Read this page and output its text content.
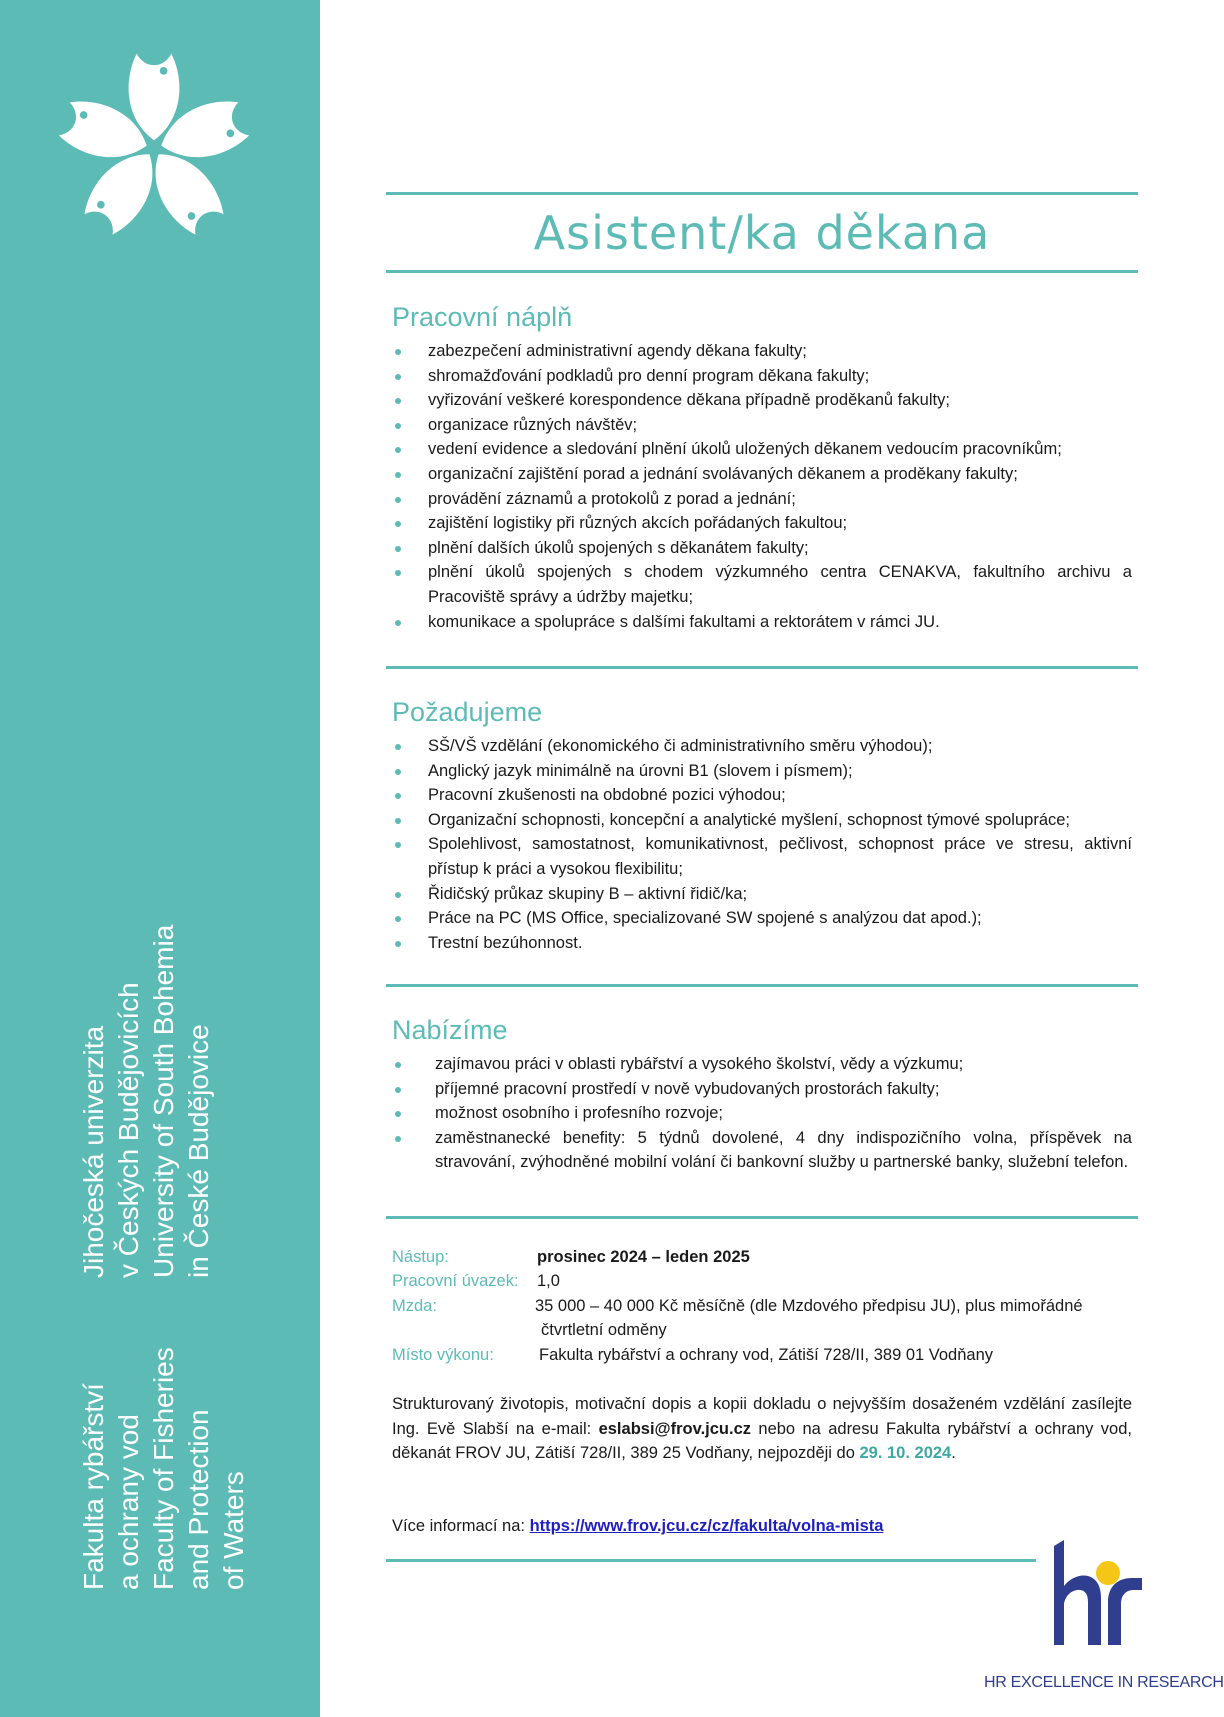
Fakulta rybářství a ochrany vod Faculty of Fisheries and Protection of Waters
Jihočeská univerzita v Českých Budějovicích University of South Bohemia in České Budějovice
Asistent/ka děkana
Pracovní náplň
zabezpečení administrativní agendy děkana fakulty;
shromažďování podkladů pro denní program děkana fakulty;
vyřizování veškeré korespondence děkana případně proděkanů fakulty;
organizace různých návštěv;
vedení evidence a sledování plnění úkolů uložených děkanem vedoucím pracovníkům;
organizační zajištění porad a jednání svolávaných děkanem a proděkany fakulty;
provádění záznamů a protokolů z porad a jednání;
zajištění logistiky při různých akcích pořádaných fakultou;
plnění dalších úkolů spojených s děkanátem fakulty;
plnění úkolů spojených s chodem výzkumného centra CENAKVA, fakultního archivu a Pracoviště správy a údržby majetku;
komunikace a spolupráce s dalšími fakultami a rektorátem v rámci JU.
Požadujeme
SŠ/VŠ vzdělání (ekonomického či administrativního směru výhodou);
Anglický jazyk minimálně na úrovni B1 (slovem i písmem);
Pracovní zkušenosti na obdobné pozici výhodou;
Organizační schopnosti, koncepční a analytické myšlení, schopnost týmové spolupráce;
Spolehlivost, samostatnost, komunikativnost, pečlivost, schopnost práce ve stresu, aktivní přístup k práci a vysokou flexibilitu;
Řidičský průkaz skupiny B – aktivní řidič/ka;
Práce na PC (MS Office, specializované SW spojené s analýzou dat apod.);
Trestní bezúhonnost.
Nabízíme
zajímavou práci v oblasti rybářství a vysokého školství, vědy a výzkumu;
příjemné pracovní prostředí v nově vybudovaných prostorách fakulty;
možnost osobního i profesního rozvoje;
zaměstnanecké benefity: 5 týdnů dovolené, 4 dny indispozičního volna, příspěvek na stravování, zvýhodněné mobilní volání či bankovní služby u partnerské banky, služební telefon.
Nástup:	prosinec 2024 – leden 2025
Pracovní úvazek: 1,0
Mzda:	35 000 – 40 000 Kč měsíčně (dle Mzdového předpisu JU), plus mimořádné
čtvrtletní odměny
Místo výkonu:	Fakulta rybářství a ochrany vod, Zátiší 728/II, 389 01 Vodňany
Strukturovaný životopis, motivační dopis a kopii dokladu o nejvyšším dosaženém vzdělání zasílejte Ing. Evě Slabší na e-mail: eslabsi@frov.jcu.cz nebo na adresu Fakulta rybářství a ochrany vod, děkanát FROV JU, Zátiší 728/II, 389 25 Vodňany, nejpozději do 29. 10. 2024.
Více informací na: https://www.frov.jcu.cz/cz/fakulta/volna-mista
HR EXCELLENCE IN RESEARCH
